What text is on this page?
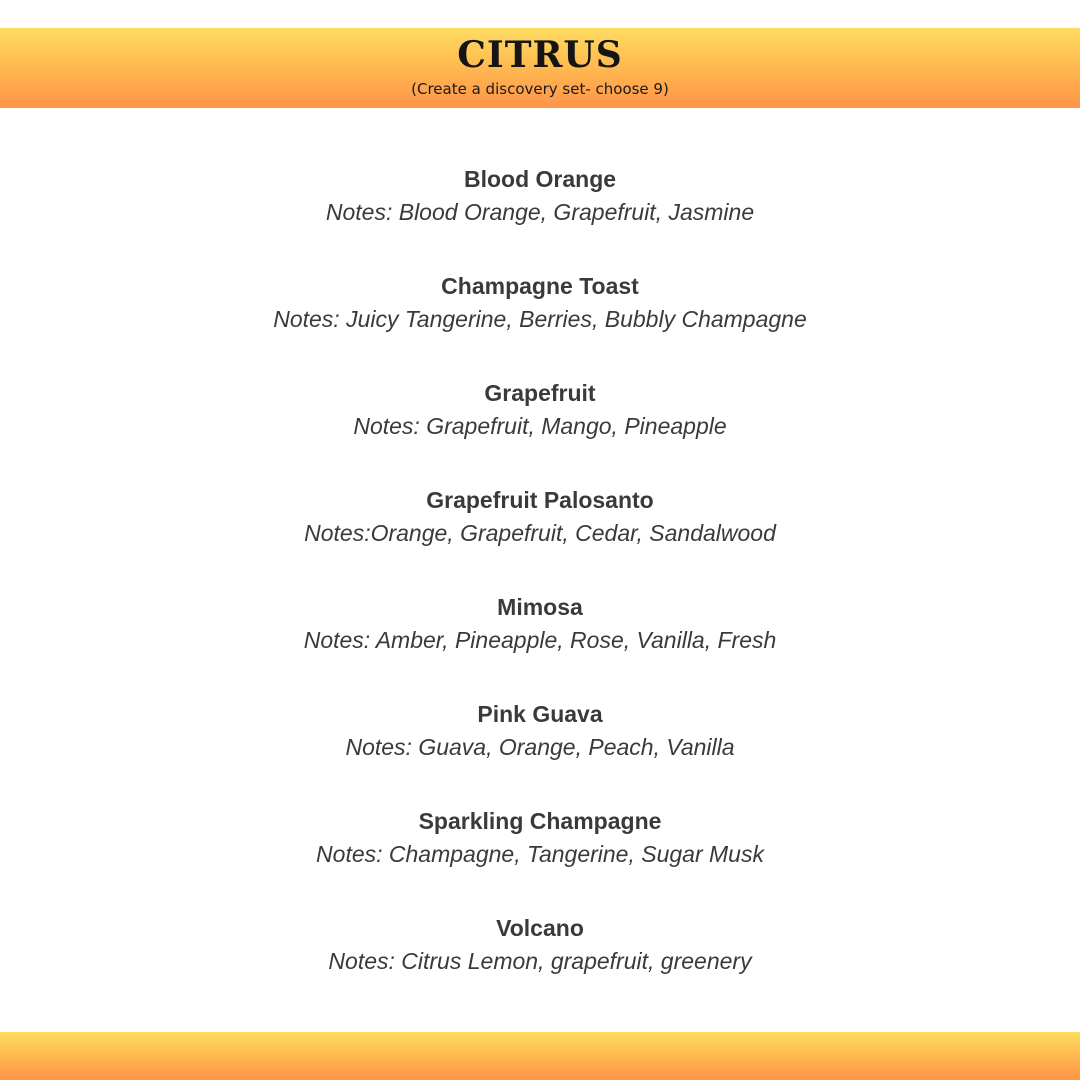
CITRUS
(Create a discovery set- choose 9)
Blood Orange
Notes: Blood Orange, Grapefruit, Jasmine
Champagne Toast
Notes: Juicy Tangerine, Berries, Bubbly Champagne
Grapefruit
Notes: Grapefruit, Mango, Pineapple
Grapefruit Palosanto
Notes:Orange, Grapefruit, Cedar, Sandalwood
Mimosa
Notes: Amber, Pineapple, Rose, Vanilla, Fresh
Pink Guava
Notes: Guava, Orange, Peach, Vanilla
Sparkling Champagne
Notes: Champagne, Tangerine, Sugar Musk
Volcano
Notes: Citrus Lemon, grapefruit, greenery
